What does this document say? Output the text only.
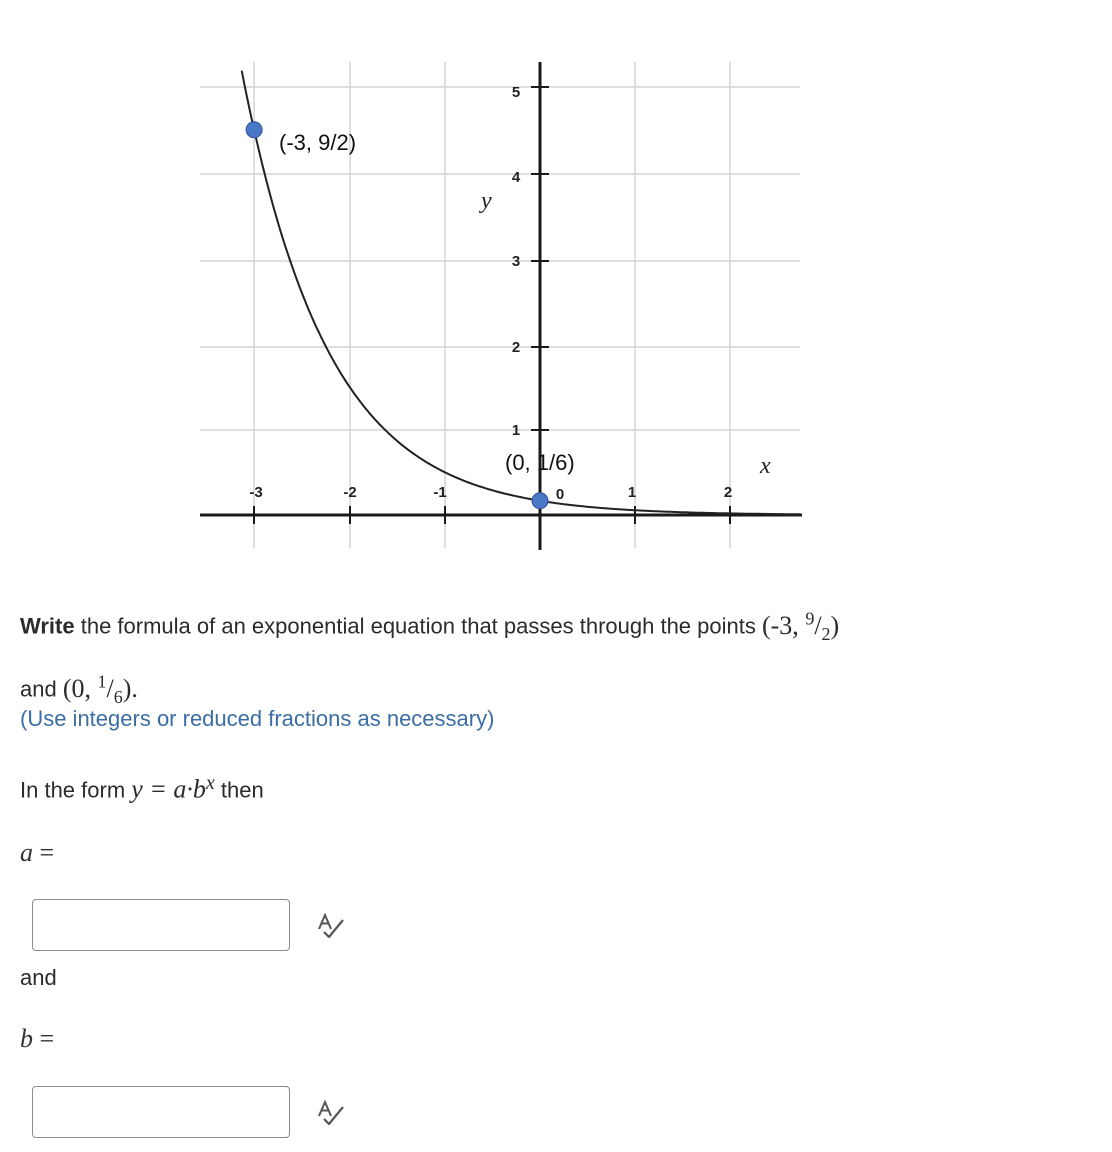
-3	-2	-1	0	1	2
1
2
3
4
5
y
x
(-3, 9/2)
(0, 1/6)
Write the formula of an exponential equation that passes through the points (-3, $^9/_2$)
and (0, $^1/_6$).
(Use integers or reduced fractions as necessary)
In the form $y = a\cdot b^x$ then
a =
and
b =
